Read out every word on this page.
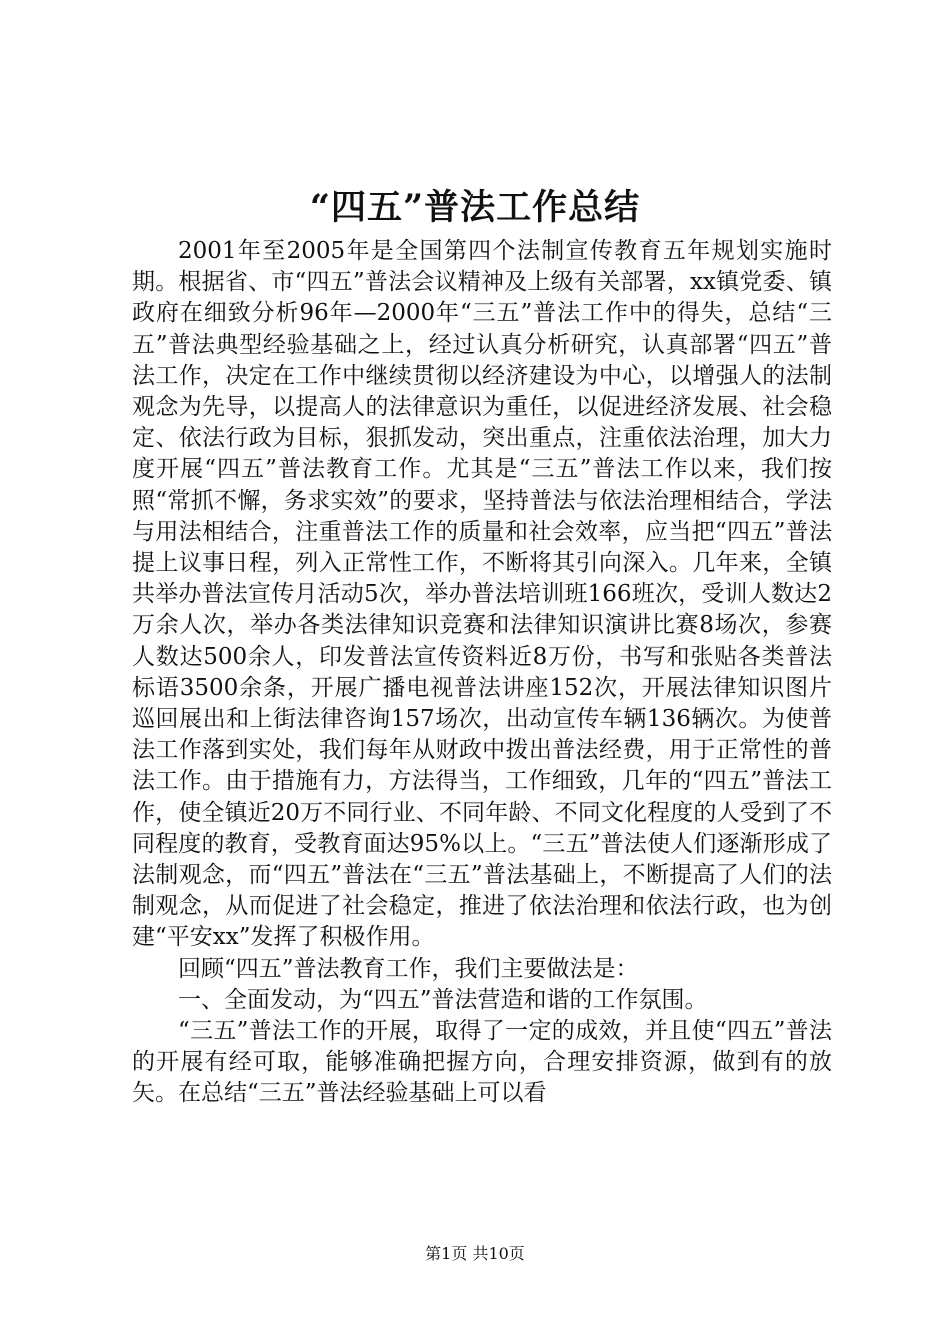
“四五”普法工作总结

2001年至2005年是全国第四个法制宣传教育五年规划实施时期。根据省、市“四五”普法会议精神及上级有关部署，xx镇党委、镇政府在细致分析96年—2000年“三五”普法工作中的得失，总结“三五”普法典型经验基础之上，经过认真分析研究，认真部署“四五”普法工作，决定在工作中继续贯彻以经济建设为中心，以增强人的法制观念为先导，以提高人的法律意识为重任，以促进经济发展、社会稳定、依法行政为目标，狠抓发动，突出重点，注重依法治理，加大力度开展“四五”普法教育工作。尤其是“三五”普法工作以来，我们按照“常抓不懈，务求实效”的要求，坚持普法与依法治理相结合，学法与用法相结合，注重普法工作的质量和社会效率，应当把“四五”普法提上议事日程，列入正常性工作，不断将其引向深入。几年来，全镇共举办普法宣传月活动5次，举办普法培训班166班次，受训人数达2万余人次，举办各类法律知识竞赛和法律知识演讲比赛8场次，参赛人数达500余人，印发普法宣传资料近8万份，书写和张贴各类普法标语3500余条，开展广播电视普法讲座152次，开展法律知识图片巡回展出和上街法律咨询157场次，出动宣传车辆136辆次。为使普法工作落到实处，我们每年从财政中拨出普法经费，用于正常性的普法工作。由于措施有力，方法得当，工作细致，几年的“四五”普法工作，使全镇近20万不同行业、不同年龄、不同文化程度的人受到了不同程度的教育，受教育面达95%以上。“三五”普法使人们逐渐形成了法制观念，而“四五”普法在“三五”普法基础上，不断提高了人们的法制观念，从而促进了社会稳定，推进了依法治理和依法行政，也为创建“平安xx”发挥了积极作用。

回顾“四五”普法教育工作，我们主要做法是：

一、全面发动，为“四五”普法营造和谐的工作氛围。

“三五”普法工作的开展，取得了一定的成效，并且使“四五”普法的开展有经可取，能够准确把握方向，合理安排资源，做到有的放矢。在总结“三五”普法经验基础上可以看

第1页 共10页
